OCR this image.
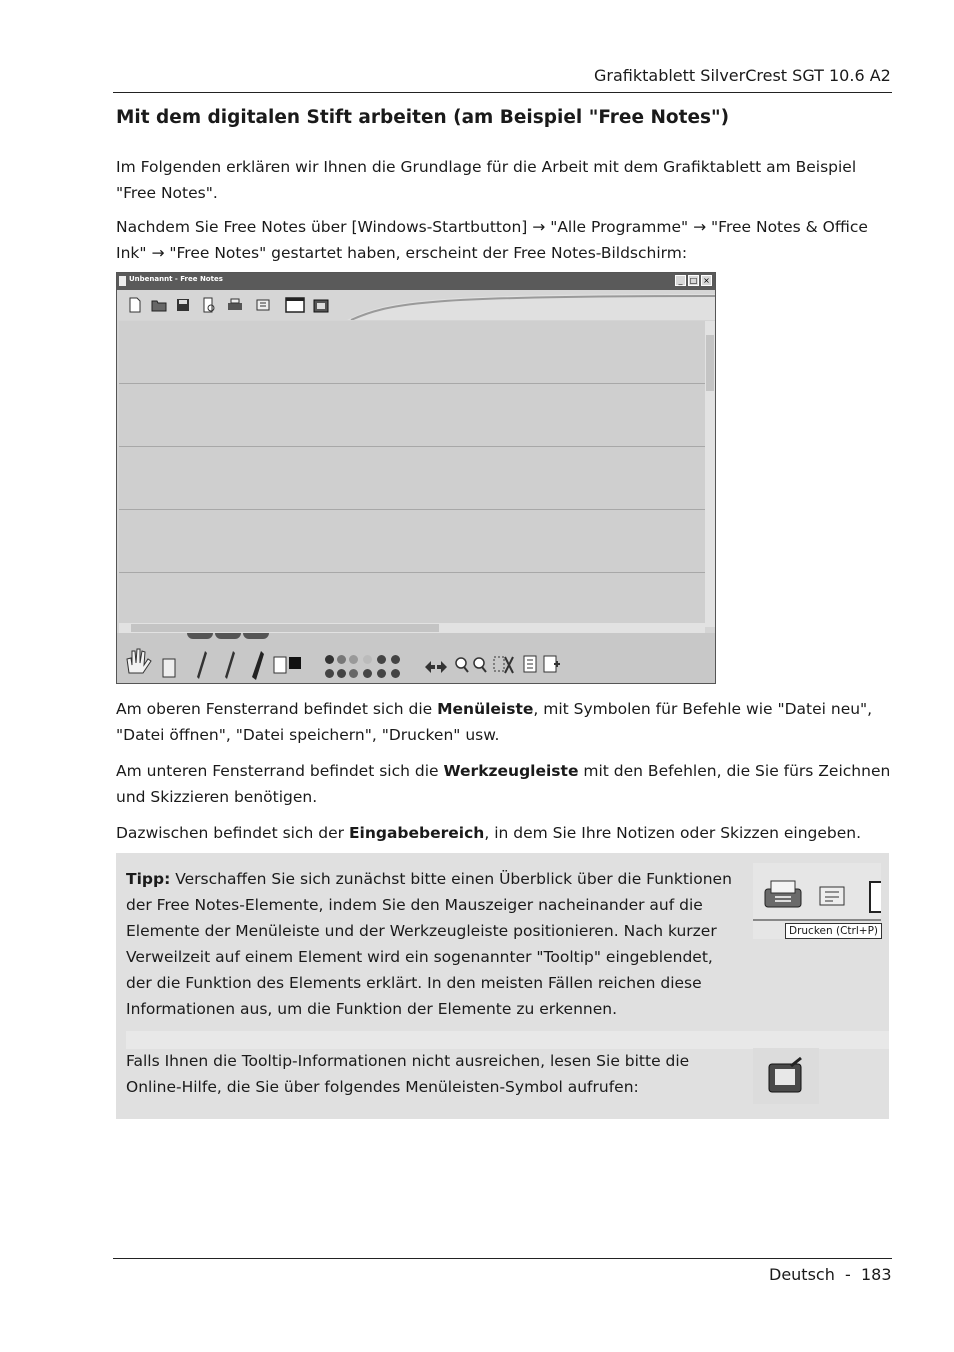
Grafiktablett SilverCrest SGT 10.6 A2
Mit dem digitalen Stift arbeiten (am Beispiel "Free Notes")
Im Folgenden erklären wir Ihnen die Grundlage für die Arbeit mit dem Grafiktablett am Beispiel "Free Notes".
Nachdem Sie Free Notes über [Windows-Startbutton] → "Alle Programme" → "Free Notes & Office Ink" → "Free Notes" gestartet haben, erscheint der Free Notes-Bildschirm:
Unbenannt - Free Notes	_ □ ×
Am oberen Fensterrand befindet sich die Menüleiste, mit Symbolen für Befehle wie "Datei neu", "Datei öffnen", "Datei speichern", "Drucken" usw.
Am unteren Fensterrand befindet sich die Werkzeugleiste mit den Befehlen, die Sie fürs Zeichnen und Skizzieren benötigen.
Dazwischen befindet sich der Eingabebereich, in dem Sie Ihre Notizen oder Skizzen eingeben.
Tipp: Verschaffen Sie sich zunächst bitte einen Überblick über die Funktionen der Free Notes-Elemente, indem Sie den Mauszeiger nacheinander auf die Elemente der Menüleiste und der Werkzeugleiste positionieren. Nach kurzer Verweilzeit auf einem Element wird ein sogenannter "Tooltip" eingeblendet, der die Funktion des Elements erklärt. In den meisten Fällen reichen diese Informationen aus, um die Funktion der Elemente zu erkennen.
Drucken (Ctrl+P)
Falls Ihnen die Tooltip-Informationen nicht ausreichen, lesen Sie bitte die Online-Hilfe, die Sie über folgendes Menüleisten-Symbol aufrufen:
Deutsch  -  183
